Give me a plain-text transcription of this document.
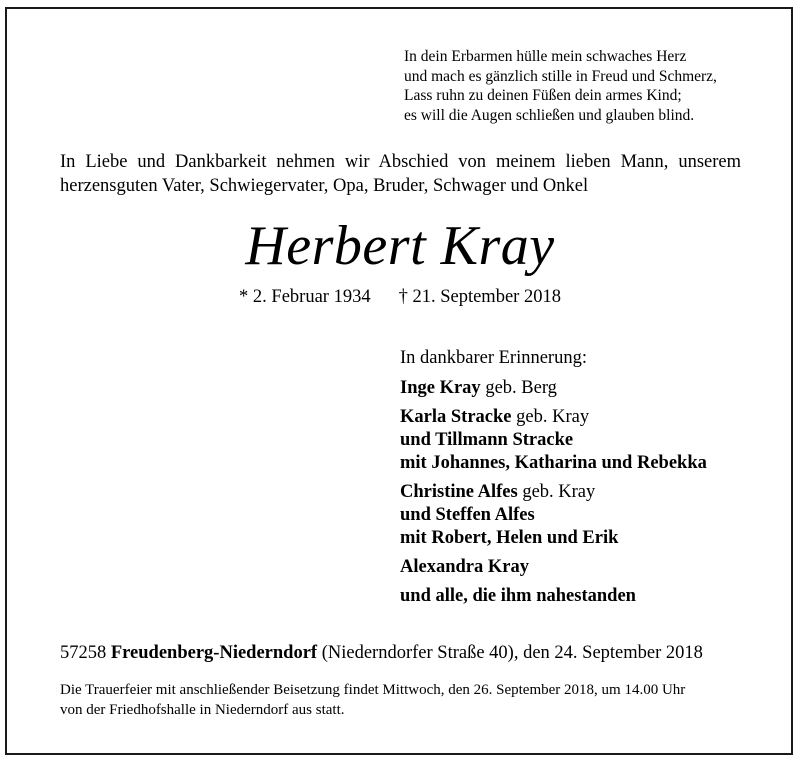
In dein Erbarmen hülle mein schwaches Herz
und mach es gänzlich stille in Freud und Schmerz,
Lass ruhn zu deinen Füßen dein armes Kind;
es will die Augen schließen und glauben blind.
In Liebe und Dankbarkeit nehmen wir Abschied von meinem lieben Mann, unserem
herzensguten Vater, Schwiegervater, Opa, Bruder, Schwager und Onkel
Herbert Kray
* 2. Februar 1934 † 21. September 2018
In dankbarer Erinnerung:
Inge Kray geb. Berg
Karla Stracke geb. Kray
und Tillmann Stracke
mit Johannes, Katharina und Rebekka
Christine Alfes geb. Kray
und Steffen Alfes
mit Robert, Helen und Erik
Alexandra Kray
und alle, die ihm nahestanden
57258 Freudenberg-Niederndorf (Niederndorfer Straße 40), den 24. September 2018
Die Trauerfeier mit anschließender Beisetzung findet Mittwoch, den 26. September 2018, um 14.00 Uhr
von der Friedhofshalle in Niederndorf aus statt.
